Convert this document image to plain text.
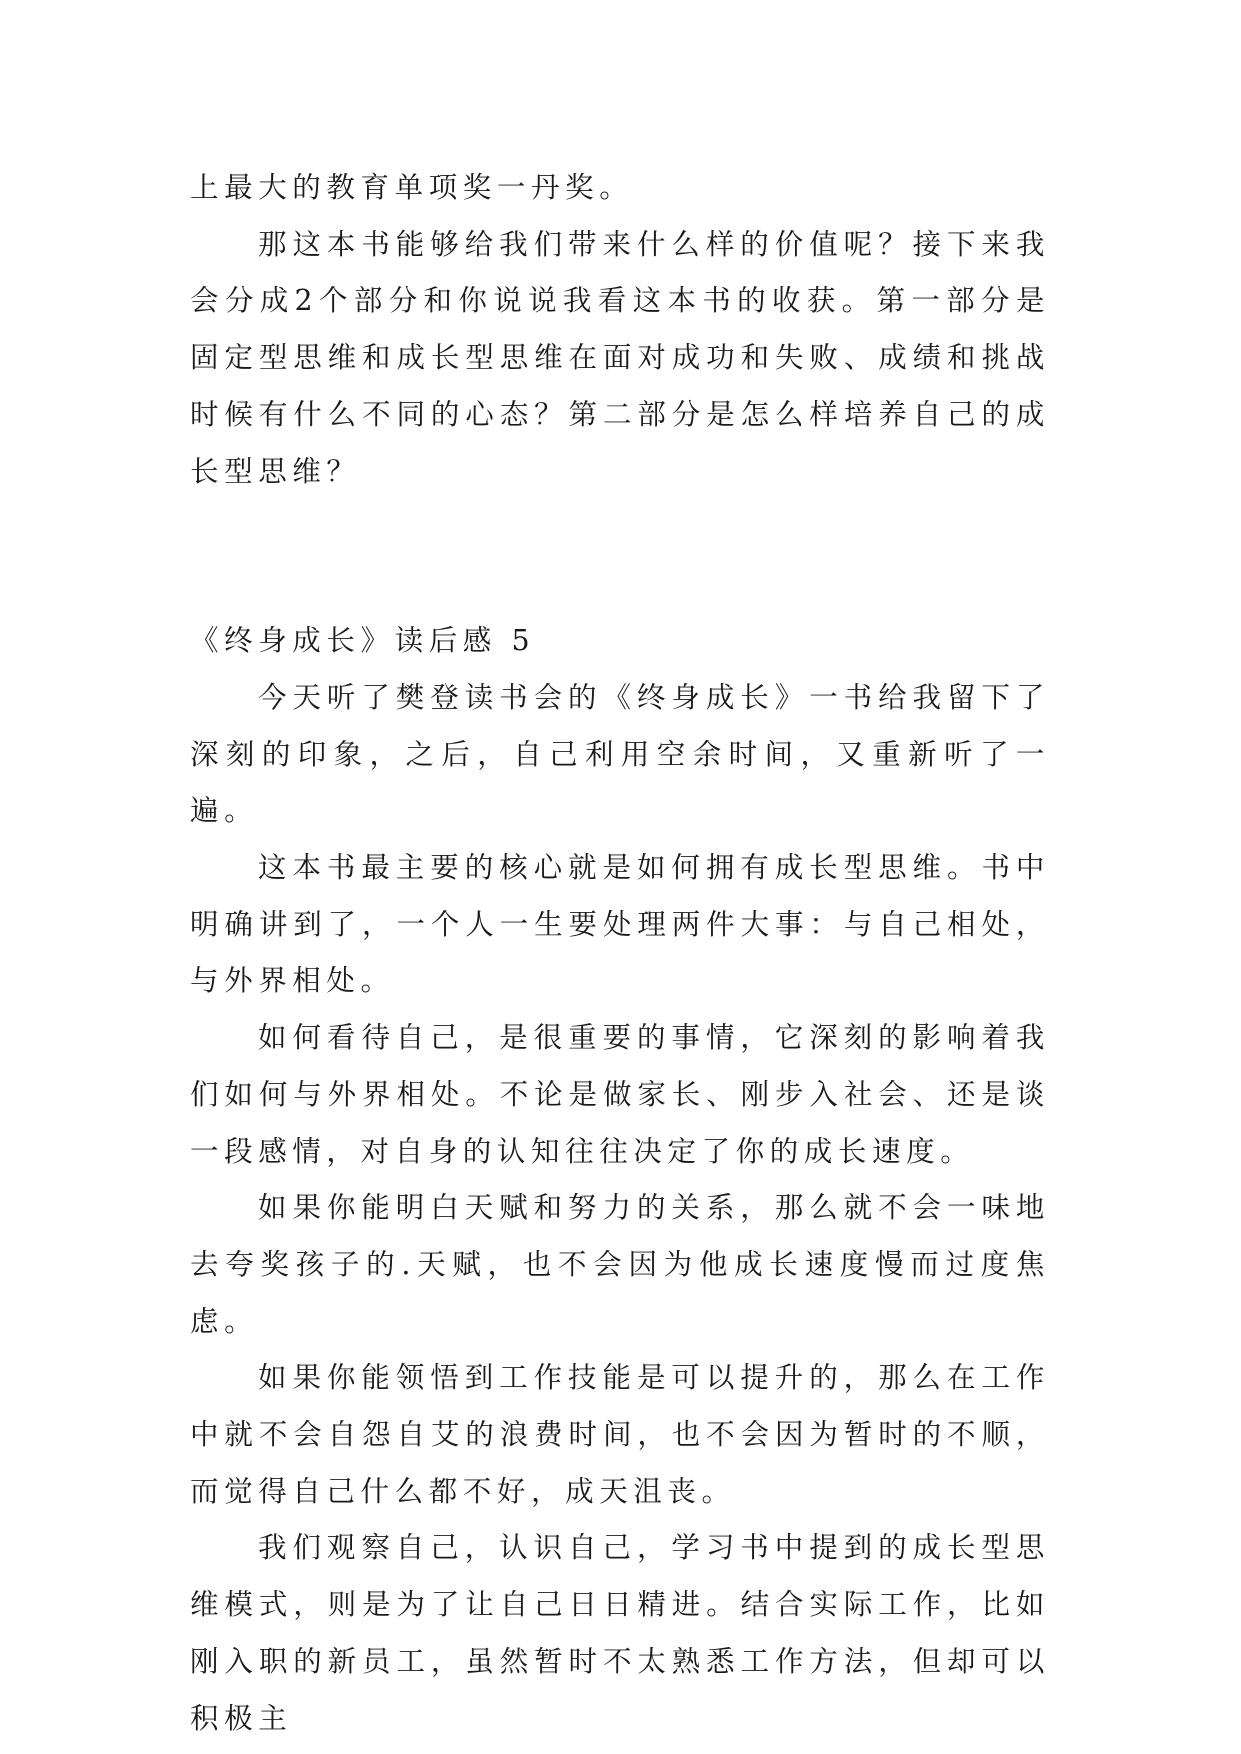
上最大的教育单项奖一丹奖。

那这本书能够给我们带来什么样的价值呢？接下来我会分成2个部分和你说说我看这本书的收获。第一部分是固定型思维和成长型思维在面对成功和失败、成绩和挑战时候有什么不同的心态？第二部分是怎么样培养自己的成长型思维？

《终身成长》读后感 5

今天听了樊登读书会的《终身成长》一书给我留下了深刻的印象，之后，自己利用空余时间，又重新听了一遍。

这本书最主要的核心就是如何拥有成长型思维。书中明确讲到了，一个人一生要处理两件大事：与自己相处，与外界相处。

如何看待自己，是很重要的事情，它深刻的影响着我们如何与外界相处。不论是做家长、刚步入社会、还是谈一段感情，对自身的认知往往决定了你的成长速度。

如果你能明白天赋和努力的关系，那么就不会一味地去夸奖孩子的.天赋，也不会因为他成长速度慢而过度焦虑。

如果你能领悟到工作技能是可以提升的，那么在工作中就不会自怨自艾的浪费时间，也不会因为暂时的不顺，而觉得自己什么都不好，成天沮丧。

我们观察自己，认识自己，学习书中提到的成长型思维模式，则是为了让自己日日精进。结合实际工作，比如刚入职的新员工，虽然暂时不太熟悉工作方法，但却可以积极主
